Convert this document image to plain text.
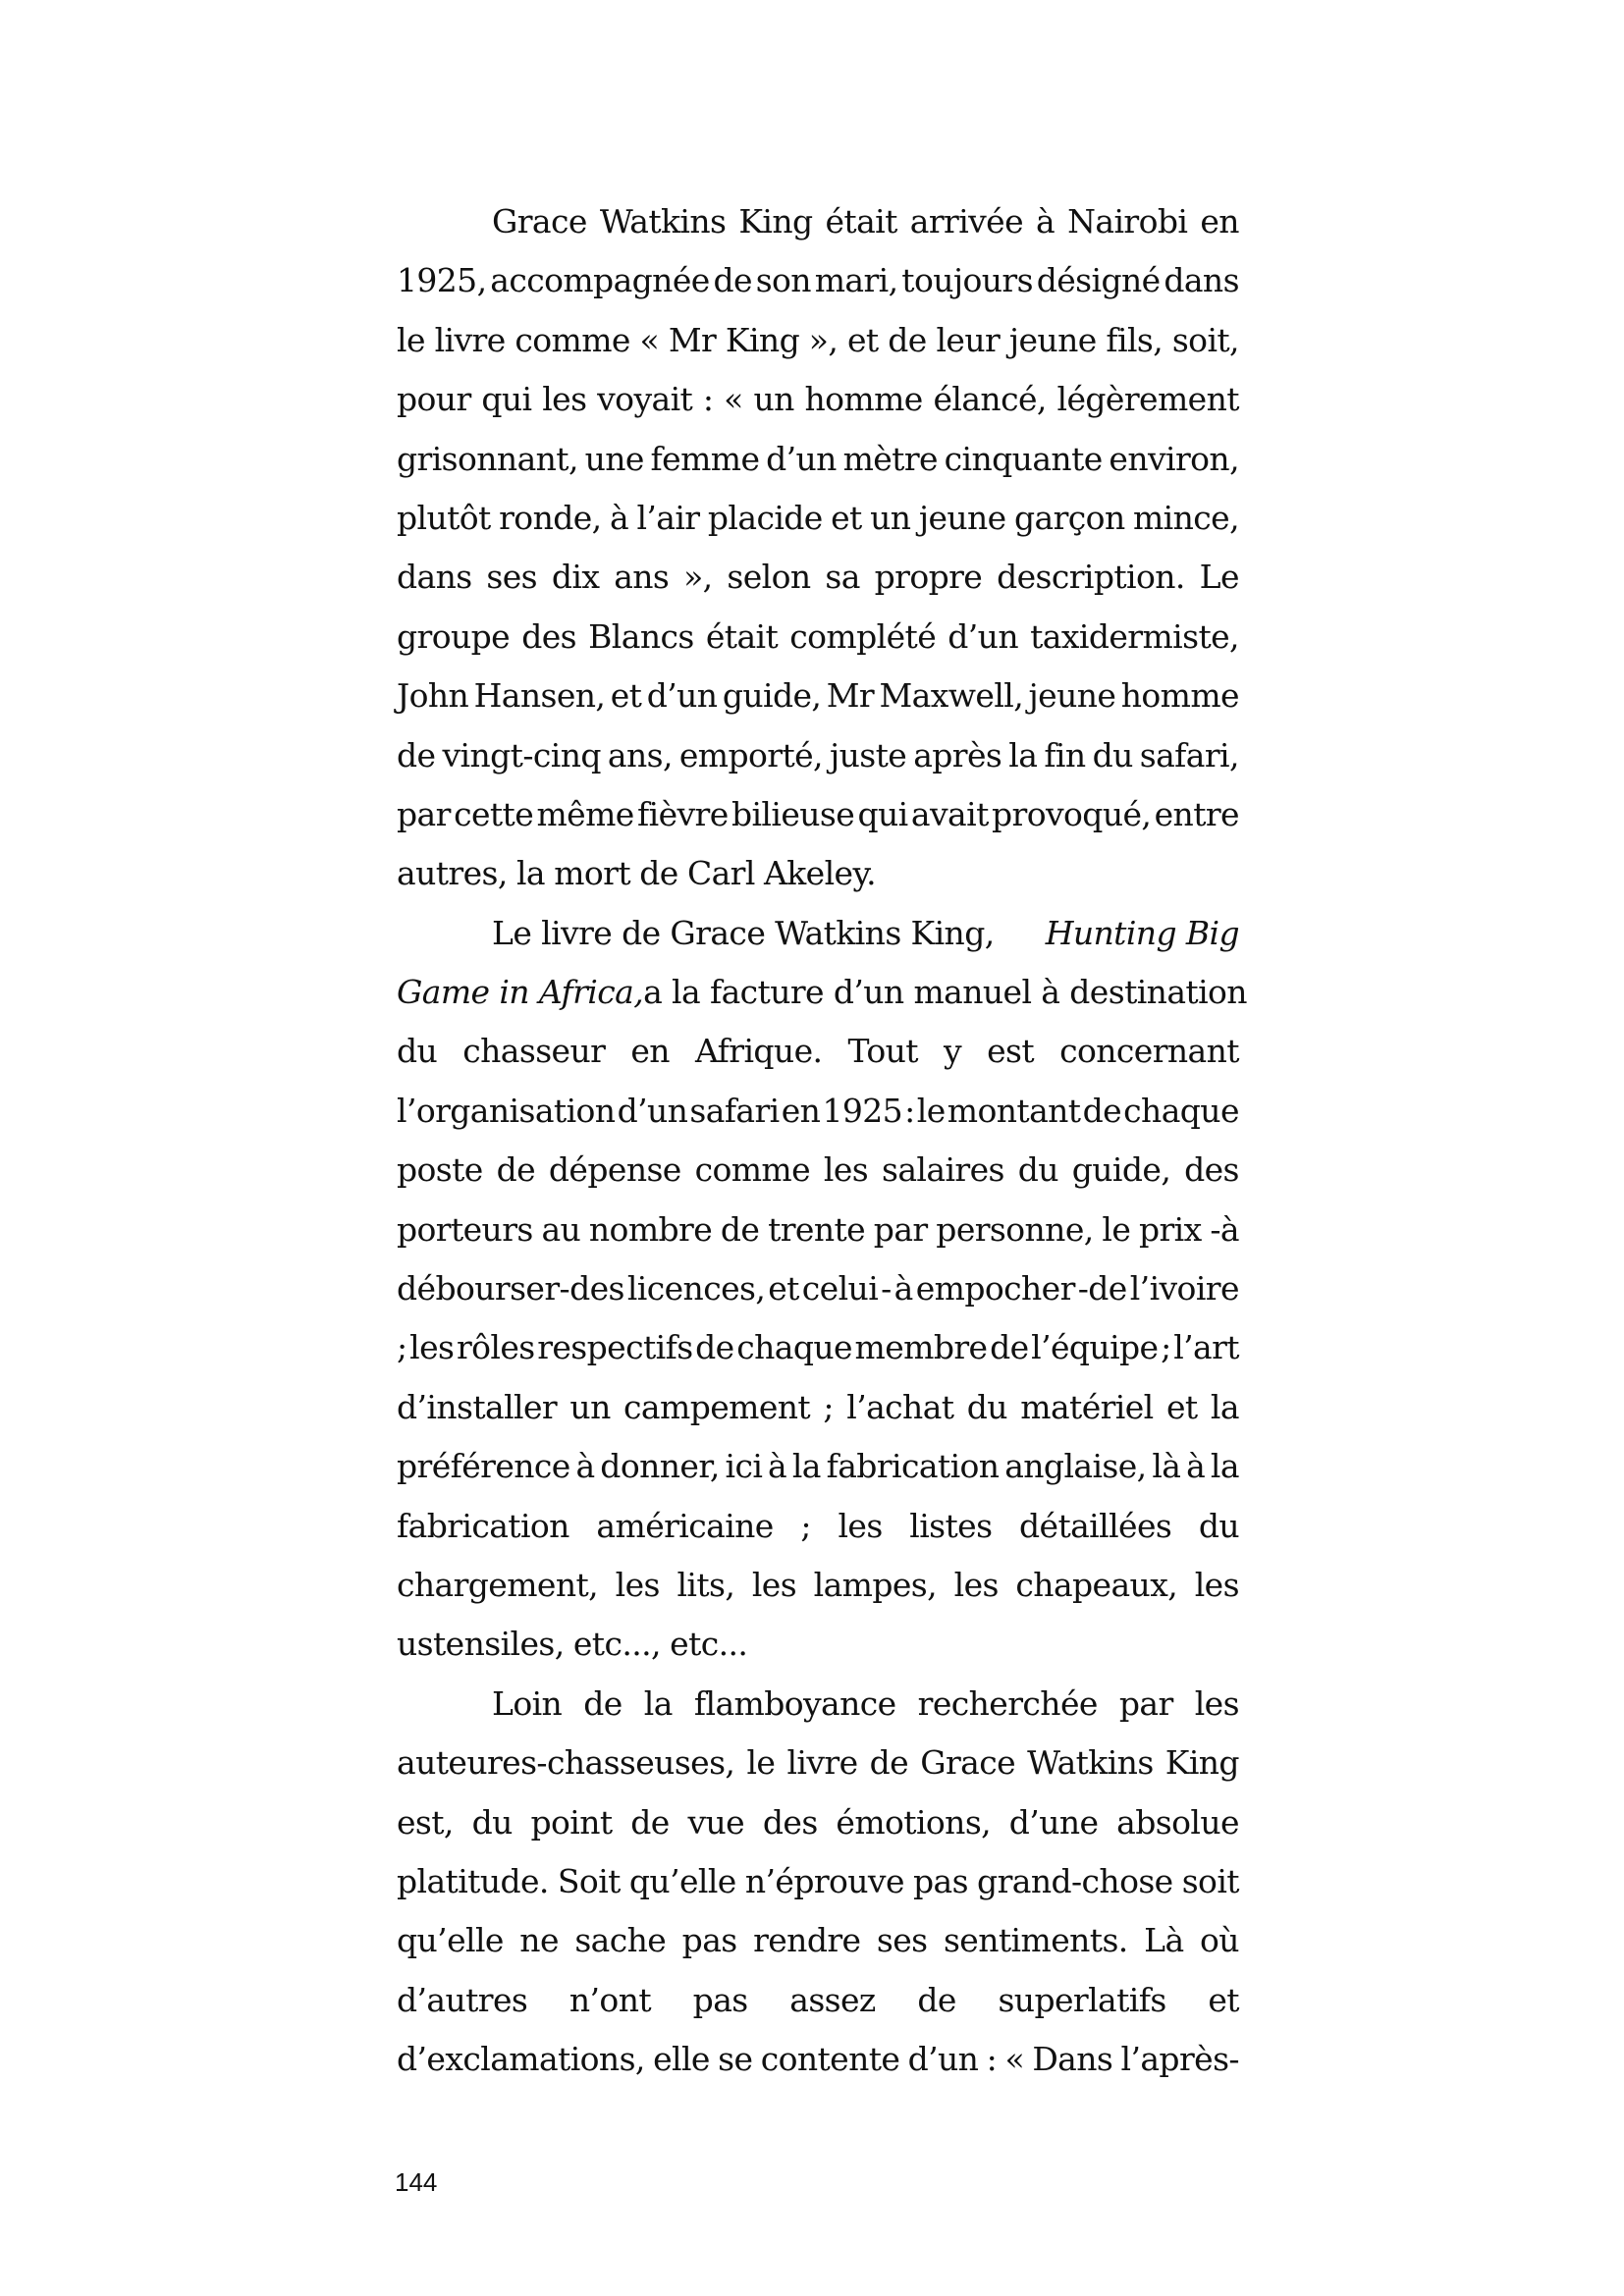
Grace Watkins King était arrivée à Nairobi en
1925, accompagnée de son mari, toujours désigné dans
le livre comme « Mr King », et de leur jeune fils, soit,
pour qui les voyait : « un homme élancé, légèrement
grisonnant, une femme d’un mètre cinquante environ,
plutôt ronde, à l’air placide et un jeune garçon mince,
dans ses dix ans », selon sa propre description. Le
groupe des Blancs était complété d’un taxidermiste,
John Hansen, et d’un guide, Mr Maxwell, jeune homme
de vingt-cinq ans, emporté, juste après la fin du safari,
par cette même fièvre bilieuse qui avait provoqué, entre
autres, la mort de Carl Akeley.
Le livre de Grace Watkins King, Hunting Big
Game in Africa, a la facture d’un manuel à destination
du chasseur en Afrique. Tout y est concernant
l’organisation d’un safari en 1925 : le montant de chaque
poste de dépense comme les salaires du guide, des
porteurs au nombre de trente par personne, le prix -à
débourser-des licences, et celui - à empocher -de l’ivoire
; les rôles respectifs de chaque membre de l’équipe ; l’art
d’installer un campement ; l’achat du matériel et la
préférence à donner, ici à la fabrication anglaise, là à la
fabrication américaine ; les listes détaillées du
chargement, les lits, les lampes, les chapeaux, les
ustensiles, etc..., etc...
Loin de la flamboyance recherchée par les
auteures-chasseuses, le livre de Grace Watkins King
est, du point de vue des émotions, d’une absolue
platitude. Soit qu’elle n’éprouve pas grand-chose soit
qu’elle ne sache pas rendre ses sentiments. Là où
d’autres n’ont pas assez de superlatifs et
d’exclamations, elle se contente d’un : « Dans l’après-
144
